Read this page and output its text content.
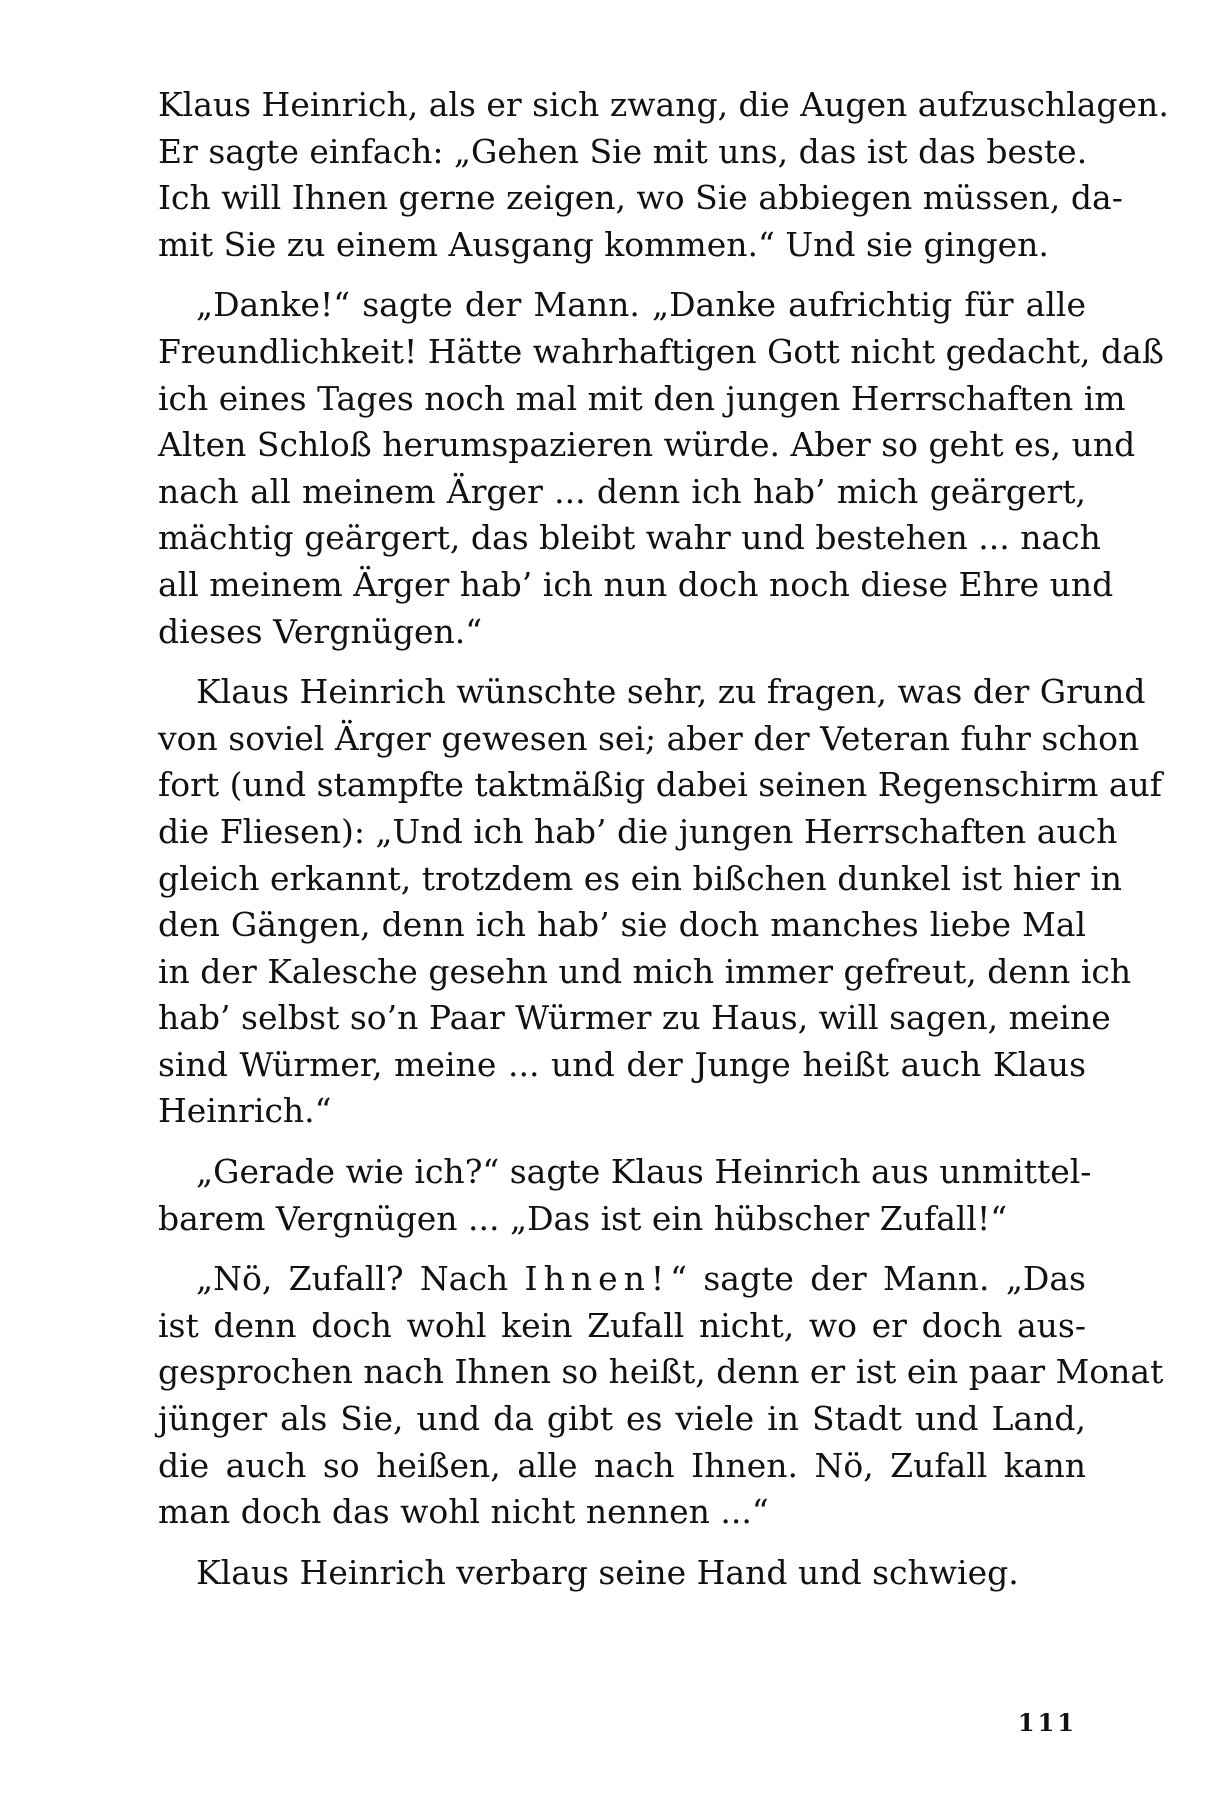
Klaus Heinrich, als er sich zwang, die Augen aufzuschlagen.
Er sagte einfach: „Gehen Sie mit uns, das ist das beste.
Ich will Ihnen gerne zeigen, wo Sie abbiegen müssen, da-
mit Sie zu einem Ausgang kommen.“ Und sie gingen.

„Danke!“ sagte der Mann. „Danke aufrichtig für alle
Freundlichkeit! Hätte wahrhaftigen Gott nicht gedacht, daß
ich eines Tages noch mal mit den jungen Herrschaften im
Alten Schloß herumspazieren würde. Aber so geht es, und
nach all meinem Ärger ... denn ich hab’ mich geärgert,
mächtig geärgert, das bleibt wahr und bestehen ... nach
all meinem Ärger hab’ ich nun doch noch diese Ehre und
dieses Vergnügen.“

Klaus Heinrich wünschte sehr, zu fragen, was der Grund
von soviel Ärger gewesen sei; aber der Veteran fuhr schon
fort (und stampfte taktmäßig dabei seinen Regenschirm auf
die Fliesen): „Und ich hab’ die jungen Herrschaften auch
gleich erkannt, trotzdem es ein bißchen dunkel ist hier in
den Gängen, denn ich hab’ sie doch manches liebe Mal
in der Kalesche gesehn und mich immer gefreut, denn ich
hab’ selbst so’n Paar Würmer zu Haus, will sagen, meine
sind Würmer, meine ... und der Junge heißt auch Klaus
Heinrich.“

„Gerade wie ich?“ sagte Klaus Heinrich aus unmittel-
barem Vergnügen ... „Das ist ein hübscher Zufall!“

„Nö, Zufall? Nach Ihnen!“ sagte der Mann. „Das
ist denn doch wohl kein Zufall nicht, wo er doch aus-
gesprochen nach Ihnen so heißt, denn er ist ein paar Monat
jünger als Sie, und da gibt es viele in Stadt und Land,
die auch so heißen, alle nach Ihnen. Nö, Zufall kann
man doch das wohl nicht nennen ...“

Klaus Heinrich verbarg seine Hand und schwieg.

111
